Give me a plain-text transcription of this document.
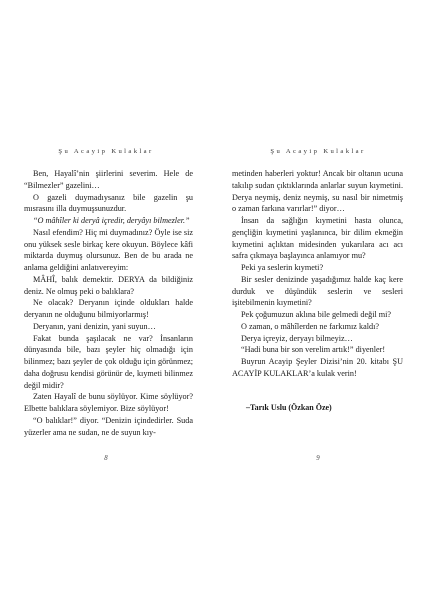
Şu Acayip Kulaklar

Ben, Hayalî’nin şiirlerini severim. Hele de “Bilmezler” gazelini…

O gazeli duymadıysanız bile gazelin şu mısrasını illa duymuşsunuzdur.

“O mâhîler ki deryâ içredir, deryâyı bilmezler.”

Nasıl efendim? Hiç mi duymadınız? Öyle ise siz onu yüksek sesle birkaç kere okuyun. Böylece kâfi miktarda duymuş olursunuz. Ben de bu arada ne anlama geldiğini anlatıvereyim:

MÂHÎ, balık demektir. DERYA da bildiğiniz deniz. Ne olmuş peki o balıklara?

Ne olacak? Deryanın içinde oldukları halde deryanın ne olduğunu bilmiyorlarmış!

Deryanın, yani denizin, yani suyun…

Fakat bunda şaşılacak ne var? İnsanların dünyasında bile, bazı şeyler hiç olmadığı için bilinmez; bazı şeyler de çok olduğu için görünmez; daha doğrusu kendisi görünür de, kıymeti bilinmez değil midir?

Zaten Hayalî de bunu söylüyor. Kime söylüyor? Elbette balıklara söylemiyor. Bize söylüyor!

“O balıklar!” diyor. “Denizin içindedirler. Suda yüzerler ama ne sudan, ne de suyun kıy-

8
Şu Acayip Kulaklar

metinden haberleri yoktur! Ancak bir oltanın ucuna takılıp sudan çıktıklarında anlarlar suyun kıymetini. Derya neymiş, deniz neymiş, su nasıl bir nimetmiş o zaman farkına varırlar!” diyor…

İnsan da sağlığın kıymetini hasta olunca, gençliğin kıymetini yaşlanınca, bir dilim ekmeğin kıymetini açlıktan midesinden yukarılara acı acı safra çıkmaya başlayınca anlamıyor mu?

Peki ya seslerin kıymeti?

Bir sesler denizinde yaşadığımız halde kaç kere durduk ve düşündük seslerin ve sesleri işitebilmenin kıymetini?

Pek çoğumuzun aklına bile gelmedi değil mi?

O zaman, o mâhîlerden ne farkımız kaldı?

Derya içreyiz, deryayı bilmeyiz…

“Hadi buna bir son verelim artık!” diyenler!

Buyrun Acayip Şeyler Dizisi’nin 20. kitabı ŞU ACAYİP KULAKLAR’a kulak verin!

–Tarık Uslu (Özkan Öze)

9
